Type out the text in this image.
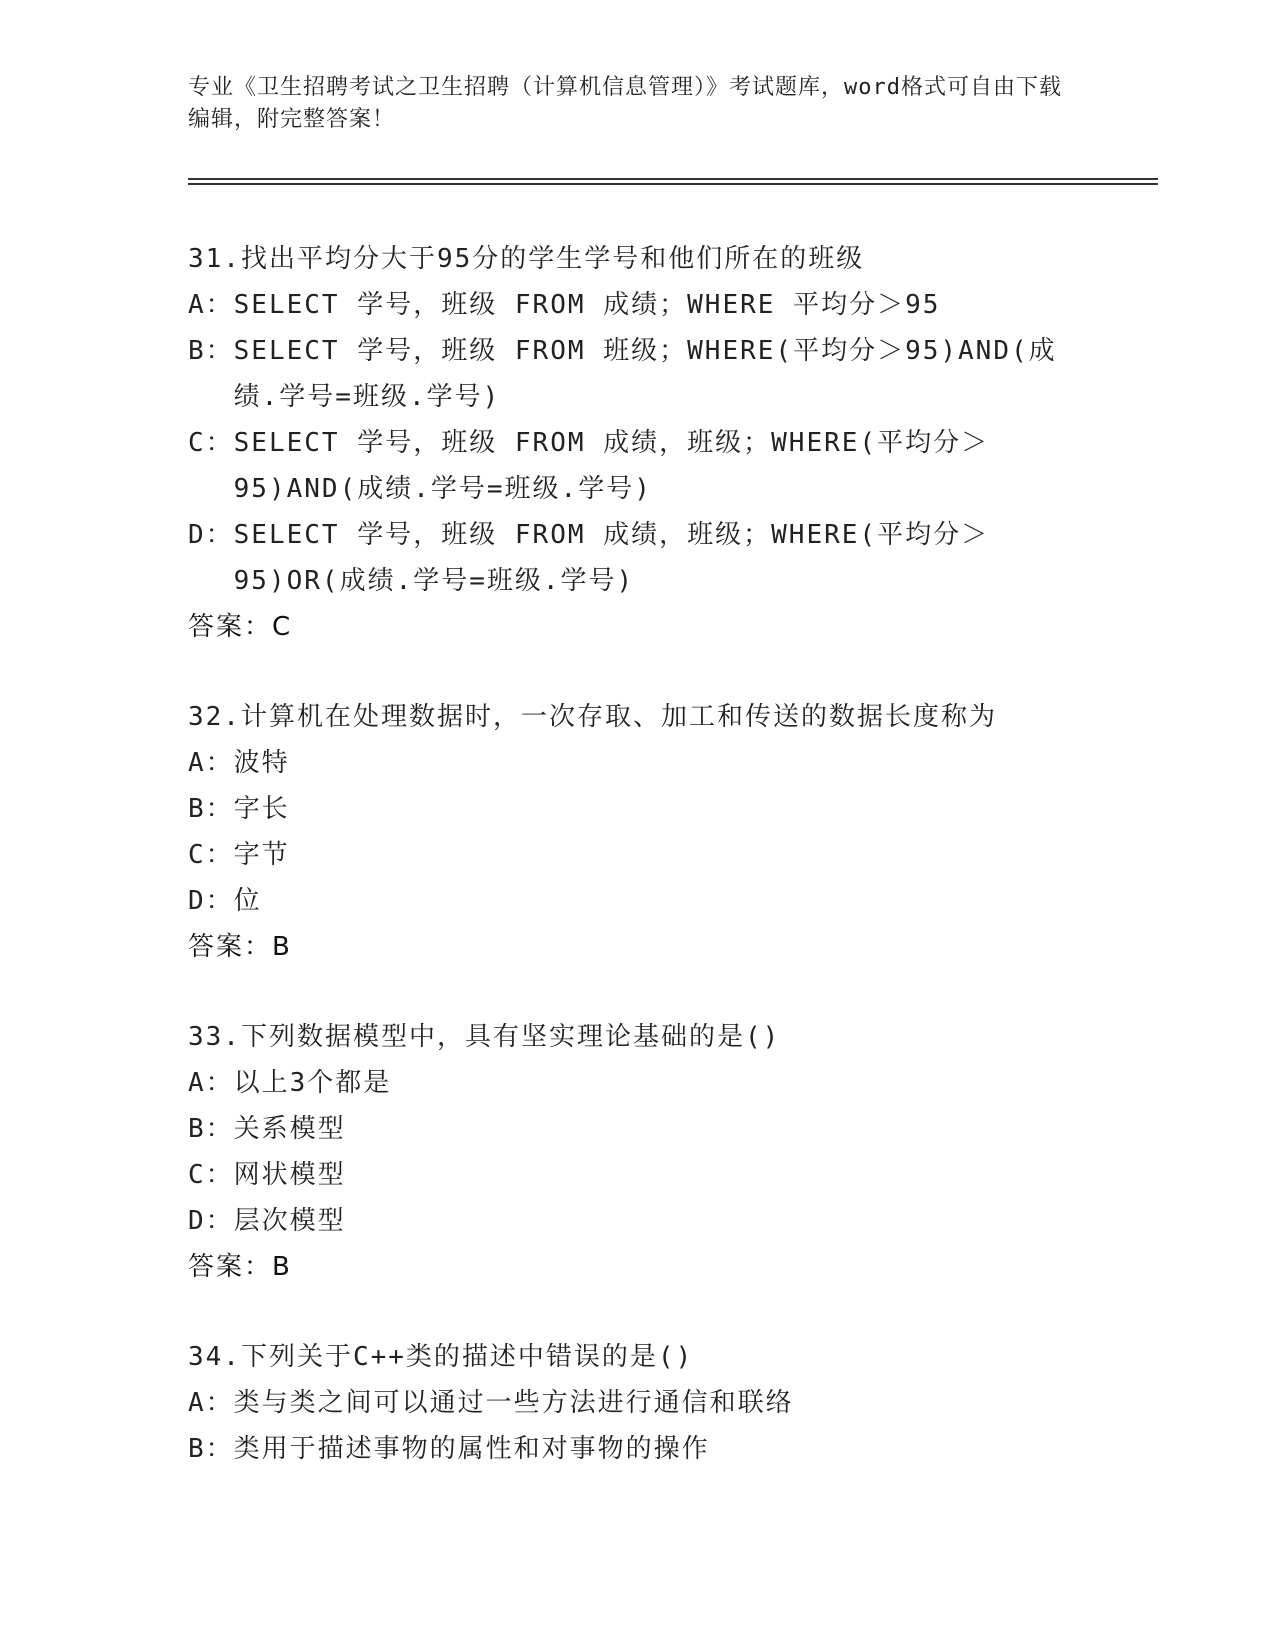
专业《卫生招聘考试之卫生招聘（计算机信息管理）》考试题库，word格式可自由下载编辑，附完整答案！
31.找出平均分大于95分的学生学号和他们所在的班级
A： SELECT 学号，班级 FROM 成绩；WHERE 平均分＞95
B： SELECT 学号，班级 FROM 班级；WHERE(平均分＞95)AND(成绩.学号=班级.学号)
C： SELECT 学号，班级 FROM 成绩，班级；WHERE(平均分＞95)AND(成绩.学号=班级.学号)
D： SELECT 学号，班级 FROM 成绩，班级；WHERE(平均分＞95)OR(成绩.学号=班级.学号)
答案：C
32.计算机在处理数据时，一次存取、加工和传送的数据长度称为
A： 波特
B： 字长
C： 字节
D： 位
答案：B
33.下列数据模型中，具有坚实理论基础的是()
A： 以上3个都是
B： 关系模型
C： 网状模型
D： 层次模型
答案：B
34.下列关于C++类的描述中错误的是()
A： 类与类之间可以通过一些方法进行通信和联络
B： 类用于描述事物的属性和对事物的操作
